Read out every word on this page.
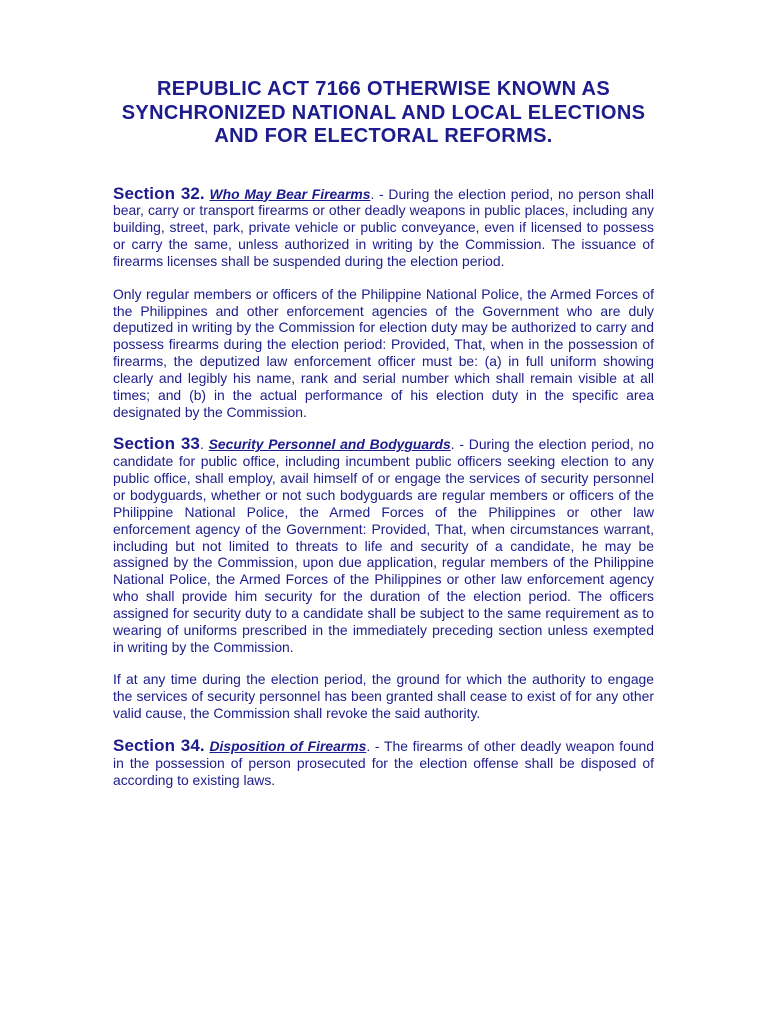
REPUBLIC ACT 7166 OTHERWISE KNOWN AS SYNCHRONIZED NATIONAL AND LOCAL ELECTIONS AND FOR ELECTORAL REFORMS.

Section 32. Who May Bear Firearms. - During the election period, no person shall bear, carry or transport firearms or other deadly weapons in public places, including any building, street, park, private vehicle or public conveyance, even if licensed to possess or carry the same, unless authorized in writing by the Commission. The issuance of firearms licenses shall be suspended during the election period.

Only regular members or officers of the Philippine National Police, the Armed Forces of the Philippines and other enforcement agencies of the Government who are duly deputized in writing by the Commission for election duty may be authorized to carry and possess firearms during the election period: Provided, That, when in the possession of firearms, the deputized law enforcement officer must be: (a) in full uniform showing clearly and legibly his name, rank and serial number which shall remain visible at all times; and (b) in the actual performance of his election duty in the specific area designated by the Commission.

Section 33. Security Personnel and Bodyguards. - During the election period, no candidate for public office, including incumbent public officers seeking election to any public office, shall employ, avail himself of or engage the services of security personnel or bodyguards, whether or not such bodyguards are regular members or officers of the Philippine National Police, the Armed Forces of the Philippines or other law enforcement agency of the Government: Provided, That, when circumstances warrant, including but not limited to threats to life and security of a candidate, he may be assigned by the Commission, upon due application, regular members of the Philippine National Police, the Armed Forces of the Philippines or other law enforcement agency who shall provide him security for the duration of the election period. The officers assigned for security duty to a candidate shall be subject to the same requirement as to wearing of uniforms prescribed in the immediately preceding section unless exempted in writing by the Commission.

If at any time during the election period, the ground for which the authority to engage the services of security personnel has been granted shall cease to exist of for any other valid cause, the Commission shall revoke the said authority.

Section 34. Disposition of Firearms. - The firearms of other deadly weapon found in the possession of person prosecuted for the election offense shall be disposed of according to existing laws.
